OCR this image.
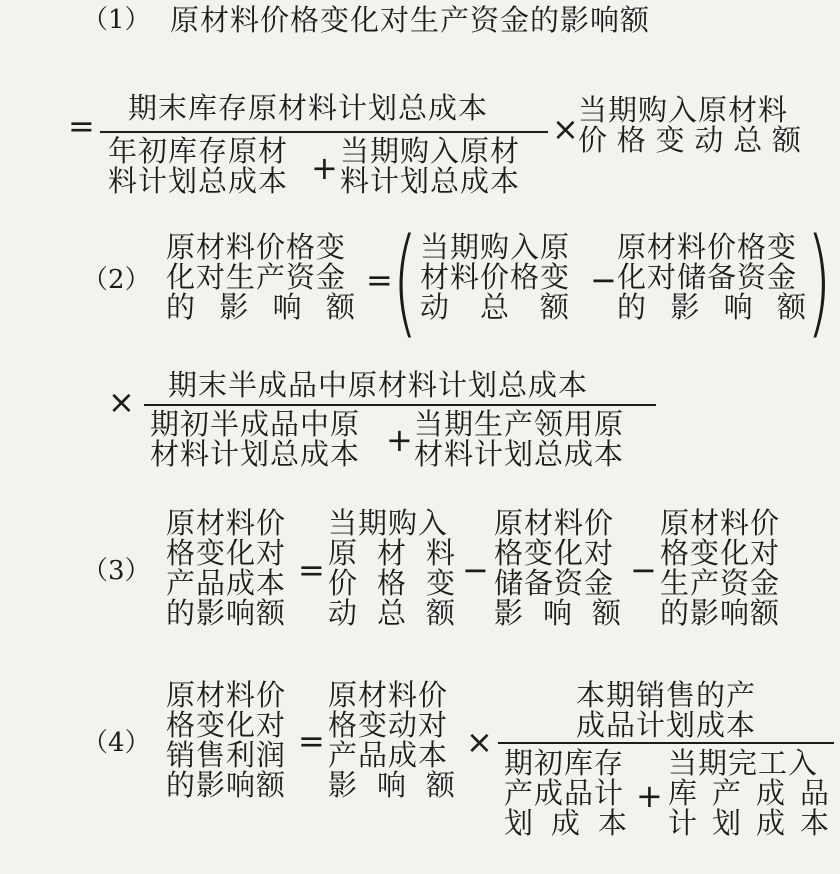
（1） 原材料价格变化对生产资金的影响额
= 期末库存原材料计划总成本
年初库存原材
料计划总成本 + 当期购入原材
料计划总成本
× 当期购入原材料
价格变动总额
（2）
原材料价格变
化对生产资金
的影响额
= ( 当期购入原
材料价格变
动总额
−
原材料价格变
化对储备资金
的影响额 )
× 期末半成品中原材料计划总成本
期初半成品中原
材料计划总成本 + 当期生产领用原
材料计划总成本
（3）
原材料价
格变化对
产品成本
的影响额
=
当期购入
原材料
价格变
动总额
−
原材料价
格变化对
储备资金
影响额
−
原材料价
格变化对
生产资金
的影响额
（4）
原材料价
格变化对
销售利润
的影响额
=
原材料价
格变动对
产品成本
影响额
×
本期销售的产
成品计划成本
期初库存
产成品计
划成本
+
当期完工入
库产成品
计划成本
